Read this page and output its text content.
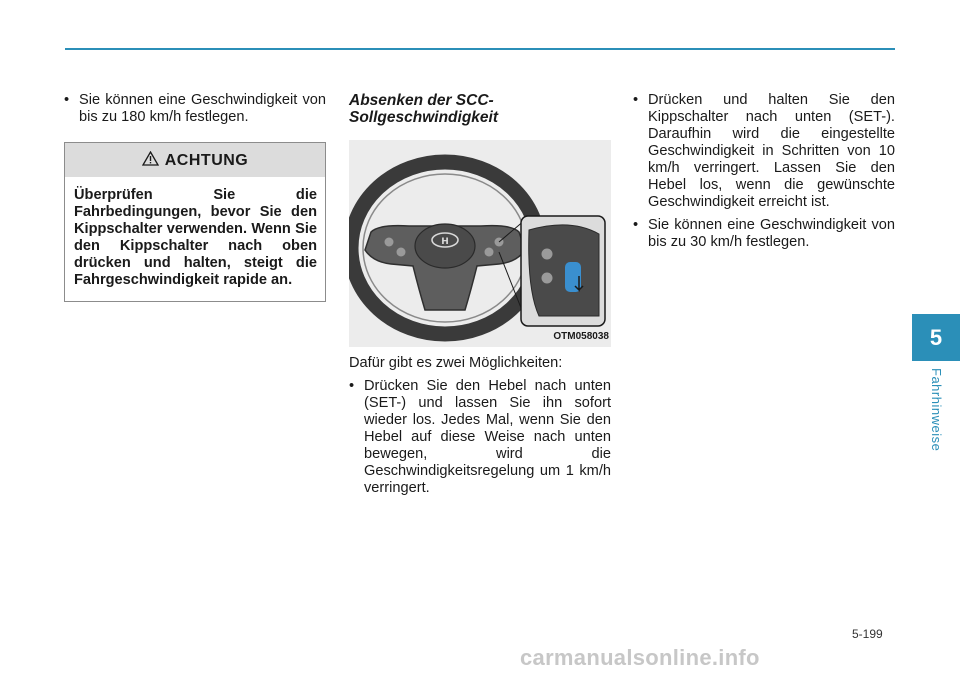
• Sie können eine Geschwindigkeit von bis zu 180 km/h festlegen.

ACHTUNG
Überprüfen Sie die Fahrbedingungen, bevor Sie den Kippschalter verwenden. Wenn Sie den Kippschalter nach oben drücken und halten, steigt die Fahrgeschwindigkeit rapide an.

Absenken der SCC-Sollgeschwindigkeit

H
OTM058038

Dafür gibt es zwei Möglichkeiten:

• Drücken Sie den Hebel nach unten (SET-) und lassen Sie ihn sofort wieder los. Jedes Mal, wenn Sie den Hebel auf diese Weise nach unten bewegen, wird die Geschwindigkeitsregelung um 1 km/h verringert.

• Drücken und halten Sie den Kippschalter nach unten (SET-). Daraufhin wird die eingestellte Geschwindigkeit in Schritten von 10 km/h verringert. Lassen Sie den Hebel los, wenn die gewünschte Geschwindigkeit erreicht ist.

• Sie können eine Geschwindigkeit von bis zu 30 km/h festlegen.

5
Fahrhinweise
5-199
carmanualsonline.info
